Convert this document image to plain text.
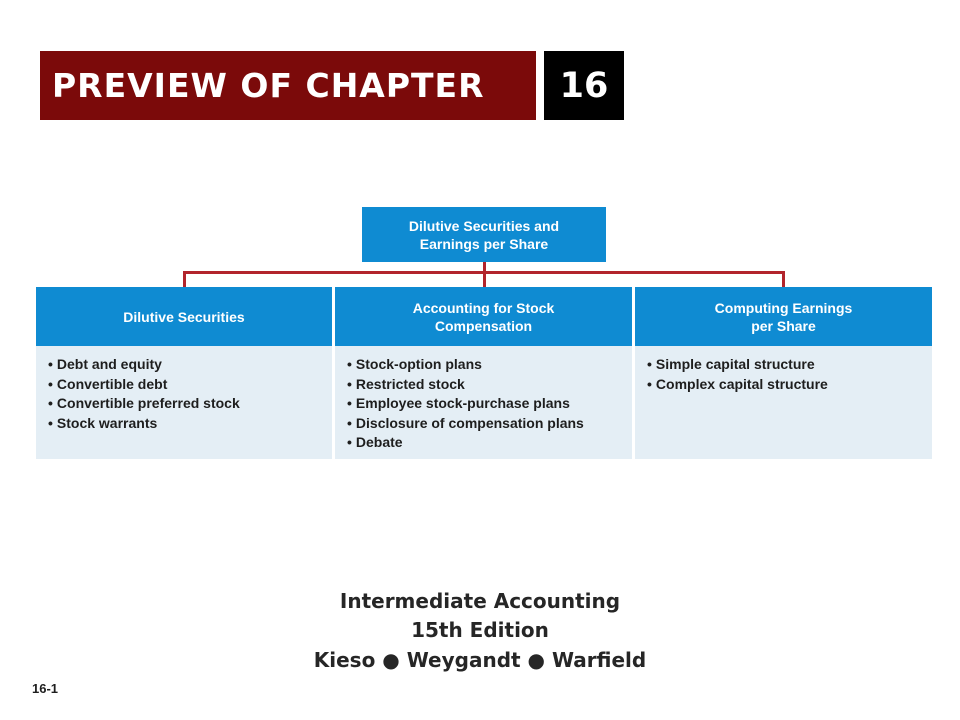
PREVIEW OF CHAPTER 16
Dilutive Securities and Earnings per Share
Dilutive Securities
• Debt and equity
• Convertible debt
• Convertible preferred stock
• Stock warrants
Accounting for Stock Compensation
• Stock-option plans
• Restricted stock
• Employee stock-purchase plans
• Disclosure of compensation plans
• Debate
Computing Earnings per Share
• Simple capital structure
• Complex capital structure
Intermediate Accounting
15th Edition
Kieso ● Weygandt ● Warfield
16-1
